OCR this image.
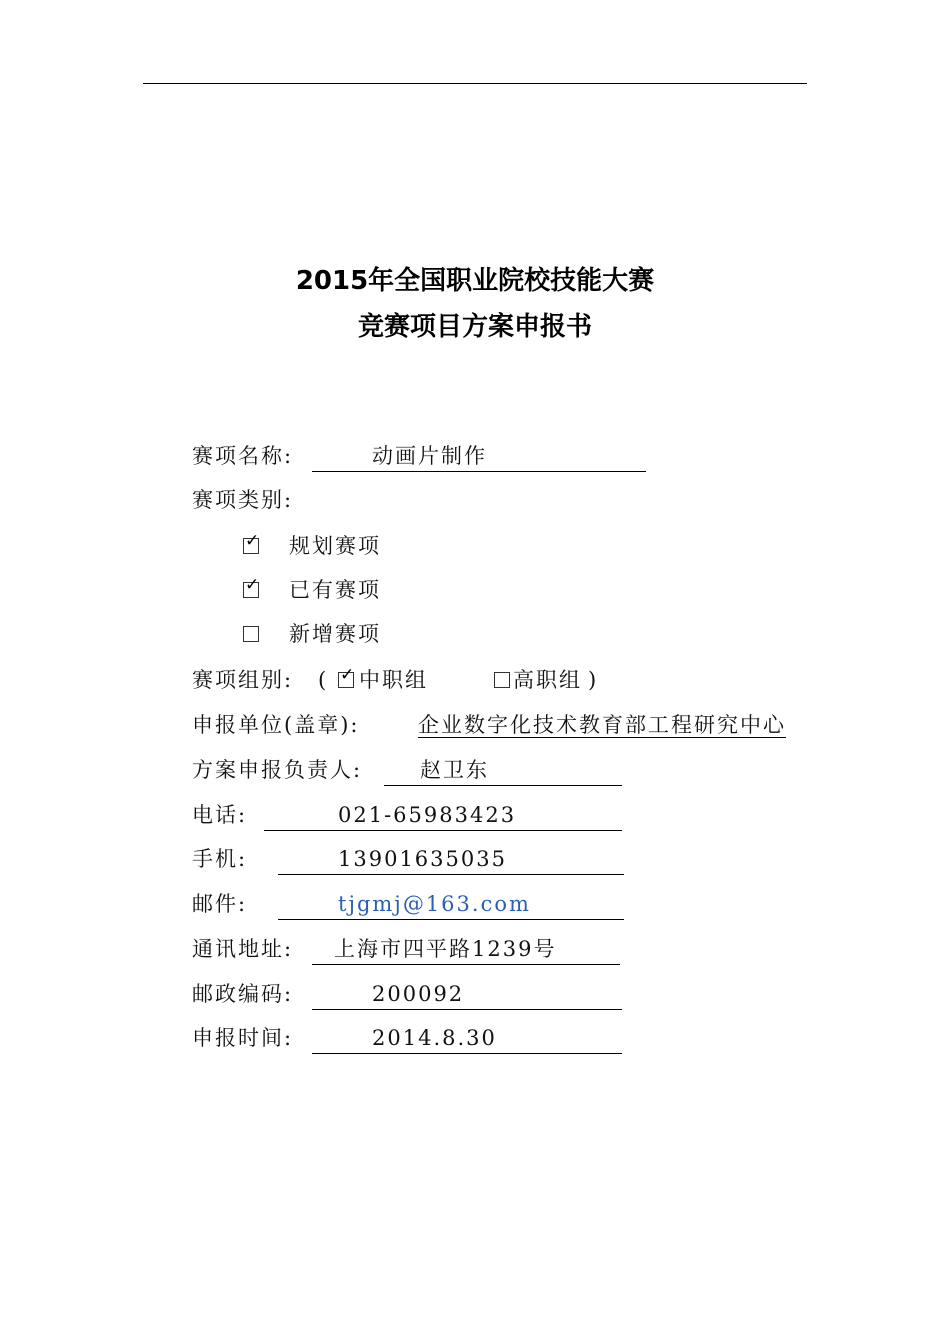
2015年全国职业院校技能大赛
竞赛项目方案申报书
赛项名称:	动画片制作
赛项类别:
✓
规划赛项
✓
已有赛项
新增赛项
赛项组别: (
✓	中职组	高职组 )
申报单位(盖章):	企业数字化技术教育部工程研究中心
方案申报负责人:	赵卫东
电话:	021-65983423
手机:	13901635035
邮件:	tjgmj@163.com
通讯地址: 上海市四平路1239号
邮政编码:	200092
申报时间:	2014.8.30
